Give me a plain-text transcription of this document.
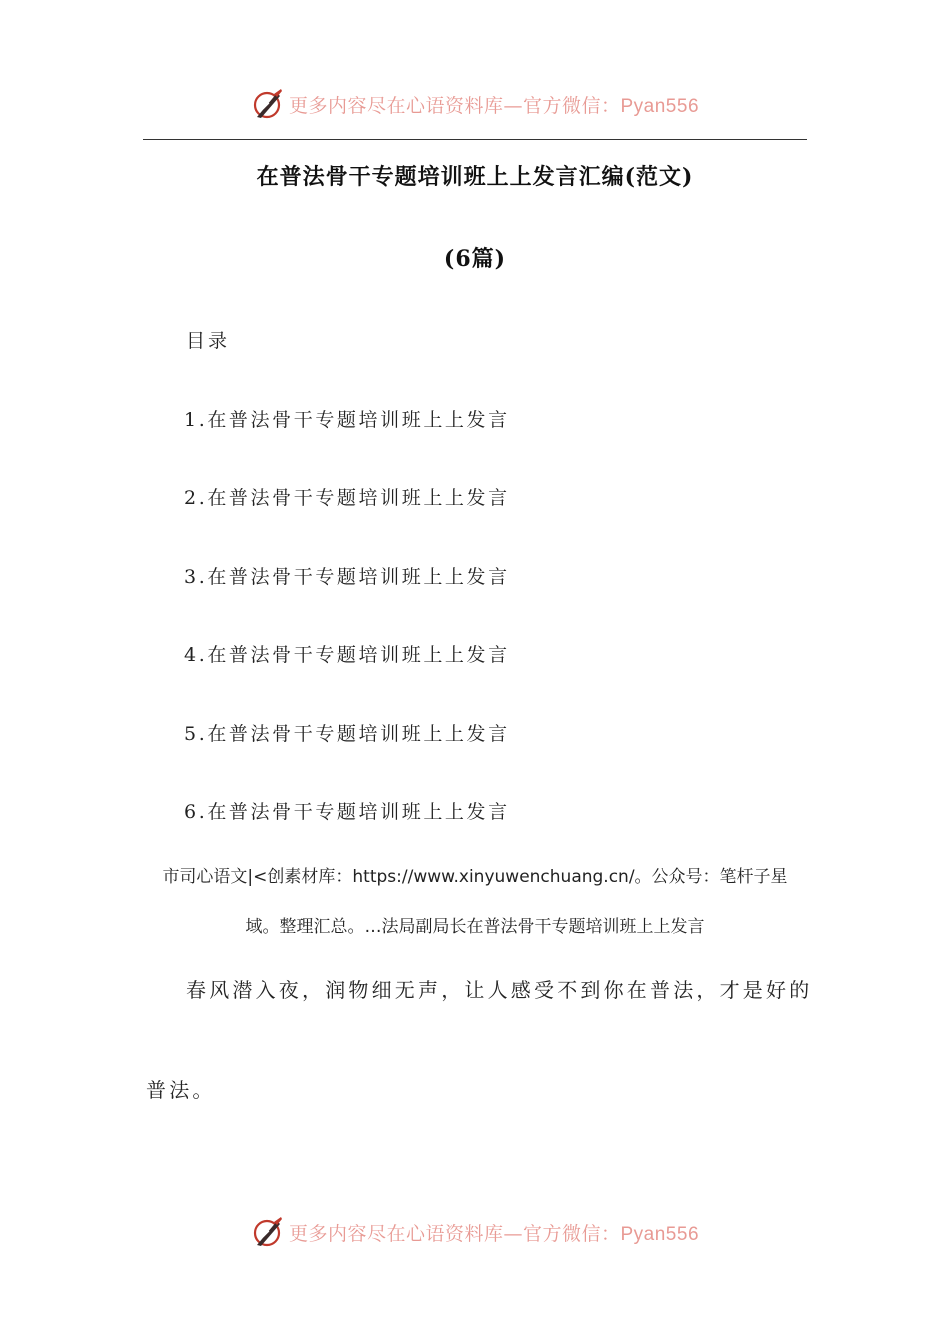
更多内容尽在心语资料库—官方微信：Pyan556
在普法骨干专题培训班上上发言汇编(范文)
(6篇)
目录
1.在普法骨干专题培训班上上发言
2.在普法骨干专题培训班上上发言
3.在普法骨干专题培训班上上发言
4.在普法骨干专题培训班上上发言
5.在普法骨干专题培训班上上发言
6.在普法骨干专题培训班上上发言
市司心语文|<创素材库：https://www.xinyuwenchuang.cn/。公众号：笔杆子星
域。整理汇总。…法局副局长在普法骨干专题培训班上上发言
春风潜入夜，润物细无声，让人感受不到你在普法，才是好的
普法。
更多内容尽在心语资料库—官方微信：Pyan556
